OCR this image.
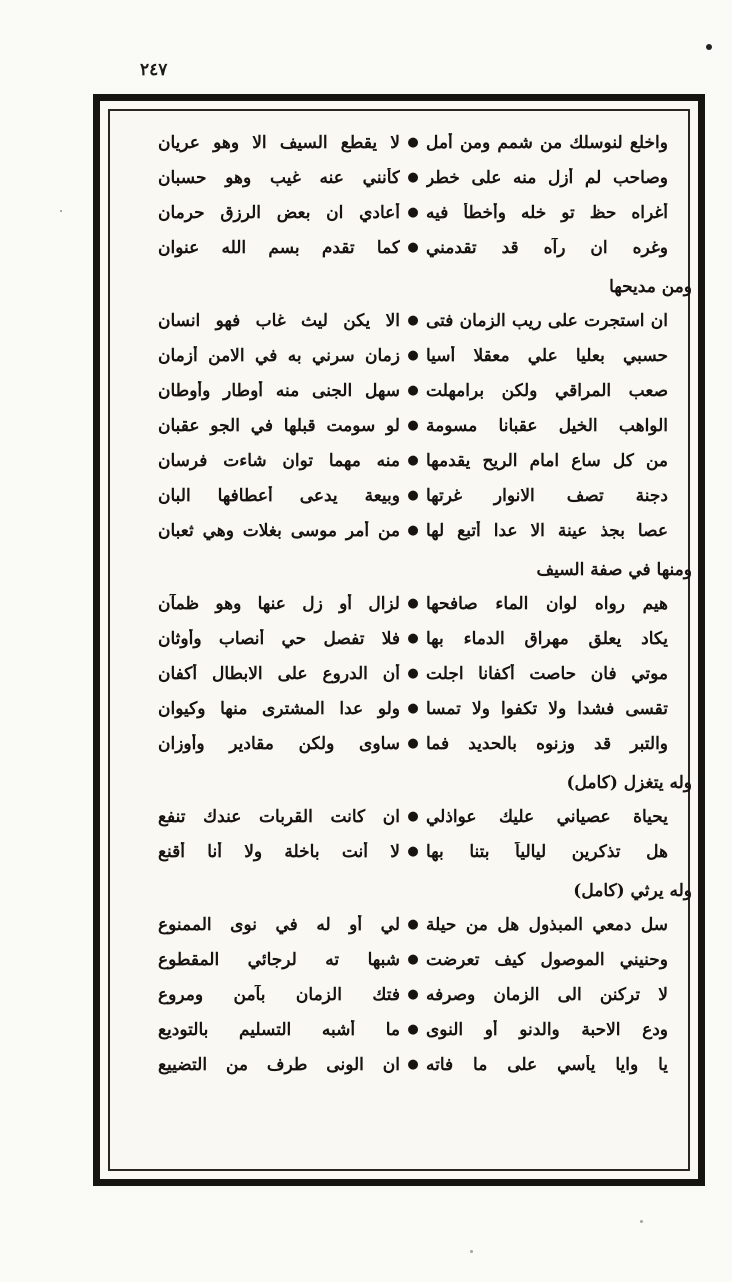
٢٤٧
واخلع لنوسلك من شمم ومن أمل
●
لا يقطع السيف الا وهو عريان
وصاحب لم أزل منه على خطر
●
كأنني عنه غيب وهو حسبان
أغراه حظ تو خله وأخطأ فيه
●
أعادي ان بعض الرزق حرمان
وغره ان رآه قد تقدمني
●
كما تقدم بسم الله عنوان
ومن مديحها
ان استجرت على ريب الزمان فتى
●
الا يكن ليث غاب فهو انسان
حسبي بعليا علي معقلا أسيا
●
زمان سرني به في الامن أزمان
صعب المراقي ولكن برامهلت
●
سهل الجنى منه أوطار وأوطان
الواهب الخيل عقبانا مسومة
●
لو سومت قبلها في الجو عقبان
من كل ساع امام الريح يقدمها
●
منه مهما توان شاءت فرسان
دجنة تصف الانوار غرتها
●
وبيعة يدعى أعطافها البان
عصا بجذ عينة الا عدا أتبع لها
●
من أمر موسى بغلات وهي ثعبان
ومنها في صفة السيف
هيم رواه لوان الماء صافحها
●
لزال أو زل عنها وهو ظمآن
يكاد يعلق مهراق الدماء بها
●
فلا تفصل حي أنصاب وأوثان
موتي فان حاصت أكفانا اجلت
●
أن الدروع على الابطال أكفان
تقسى فشدا ولا تكفوا ولا تمسا
●
ولو عدا المشترى منها وكيوان
والتبر قد وزنوه بالحديد فما
●
ساوى ولكن مقادير وأوزان
وله يتغزل (كامل)
يحياة عصياني عليك عواذلي
●
ان كانت القربات عندك تنفع
هل تذكرين ليالياً بتنا بها
●
لا أنت باخلة ولا أنا أقنع
وله يرثي (كامل)
سل دمعي المبذول هل من حيلة
●
لي أو له في نوى الممنوع
وحنيني الموصول كيف تعرضت
●
شبها ته لرجائي المقطوع
لا تركنن الى الزمان وصرفه
●
فتك الزمان بآمن ومروع
ودع الاحبة والدنو أو النوى
●
ما أشبه التسليم بالتوديع
يا وايا يأسي على ما فاته
●
ان الونى طرف من التضييع
